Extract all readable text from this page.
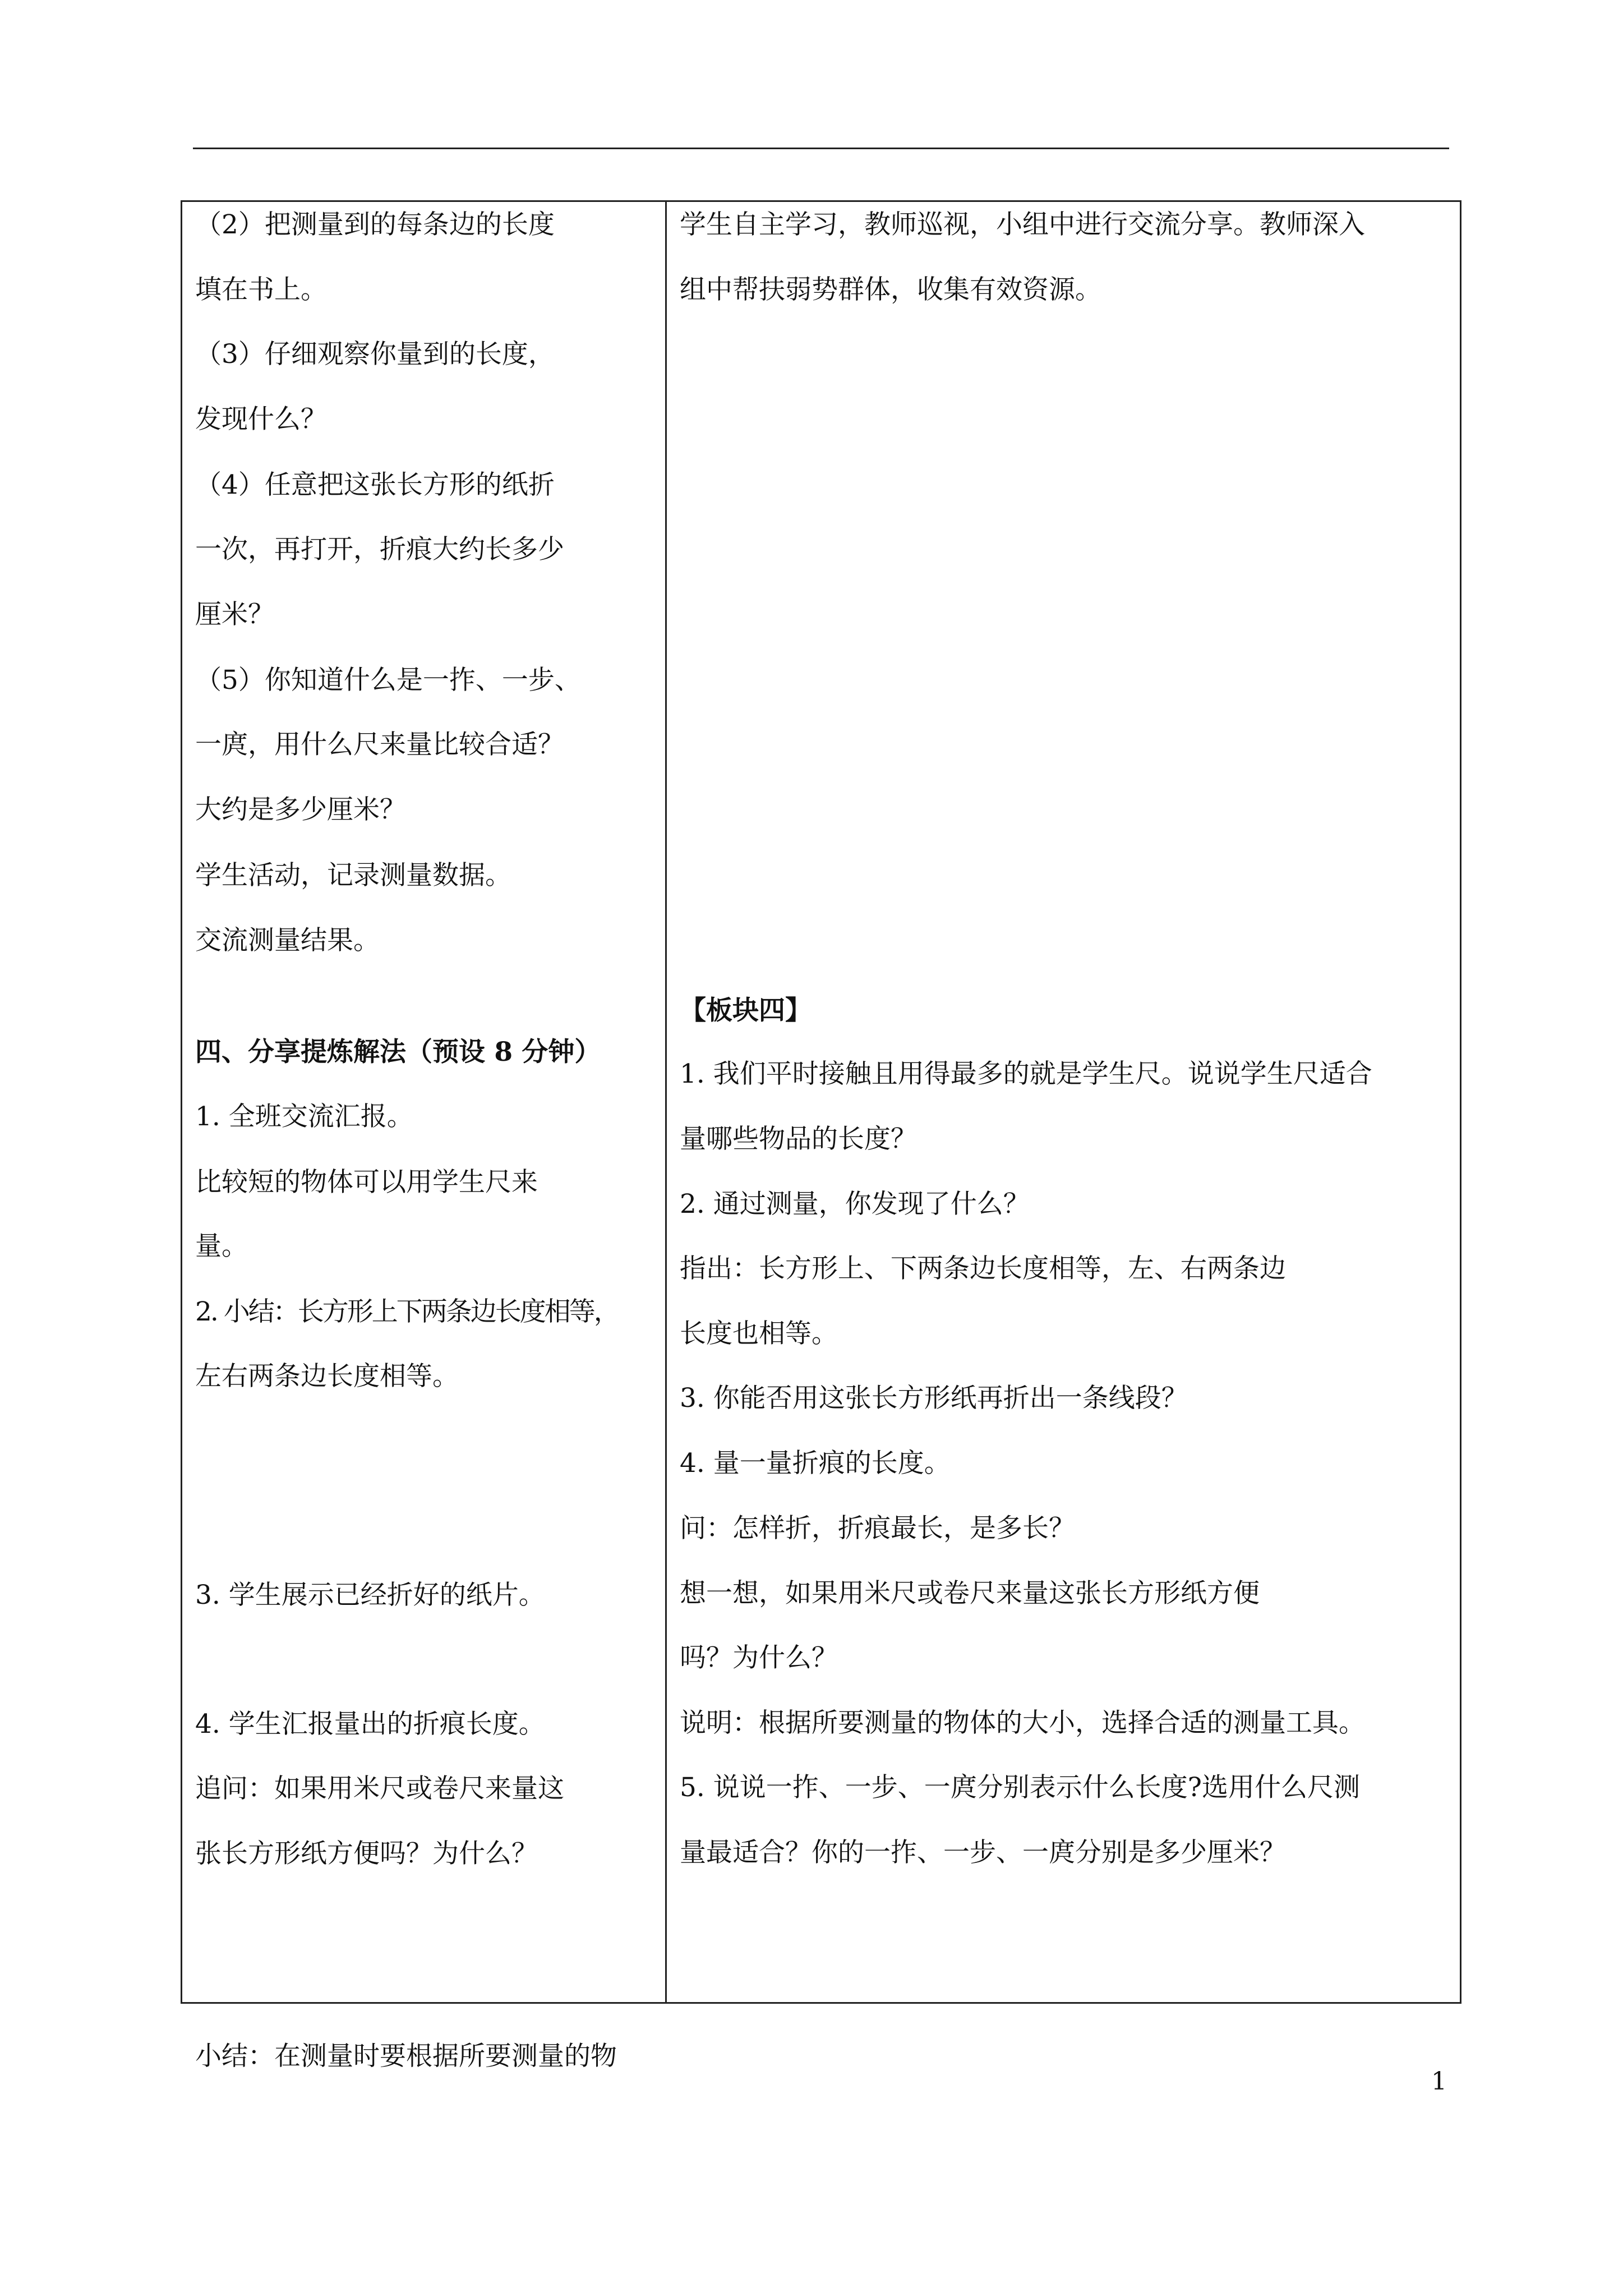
（2）把测量到的每条边的长度
填在书上。
（3）仔细观察你量到的长度，
发现什么？
（4）任意把这张长方形的纸折
一次，再打开，折痕大约长多少
厘米？
（5）你知道什么是一拃、一步、
一庹，用什么尺来量比较合适？
大约是多少厘米？
学生活动，记录测量数据。
交流测量结果。
四、分享提炼解法（预设 8 分钟）
1. 全班交流汇报。
比较短的物体可以用学生尺来
量。
2. 小结：长方形上下两条边长度相等，
左右两条边长度相等。
3. 学生展示已经折好的纸片。
4. 学生汇报量出的折痕长度。
追问：如果用米尺或卷尺来量这
张长方形纸方便吗？为什么？
小结：在测量时要根据所要测量的物
学生自主学习，教师巡视，小组中进行交流分享。教师深入
组中帮扶弱势群体，收集有效资源。
【板块四】
1. 我们平时接触且用得最多的就是学生尺。说说学生尺适合
量哪些物品的长度？
2. 通过测量，你发现了什么？
指出：长方形上、下两条边长度相等，左、右两条边
长度也相等。
3. 你能否用这张长方形纸再折出一条线段？
4. 量一量折痕的长度。
问：怎样折，折痕最长，是多长？
想一想，如果用米尺或卷尺来量这张长方形纸方便
吗？为什么？
说明：根据所要测量的物体的大小，选择合适的测量工具。
5. 说说一拃、一步、一庹分别表示什么长度?选用什么尺测
量最适合？你的一拃、一步、一庹分别是多少厘米？
1
